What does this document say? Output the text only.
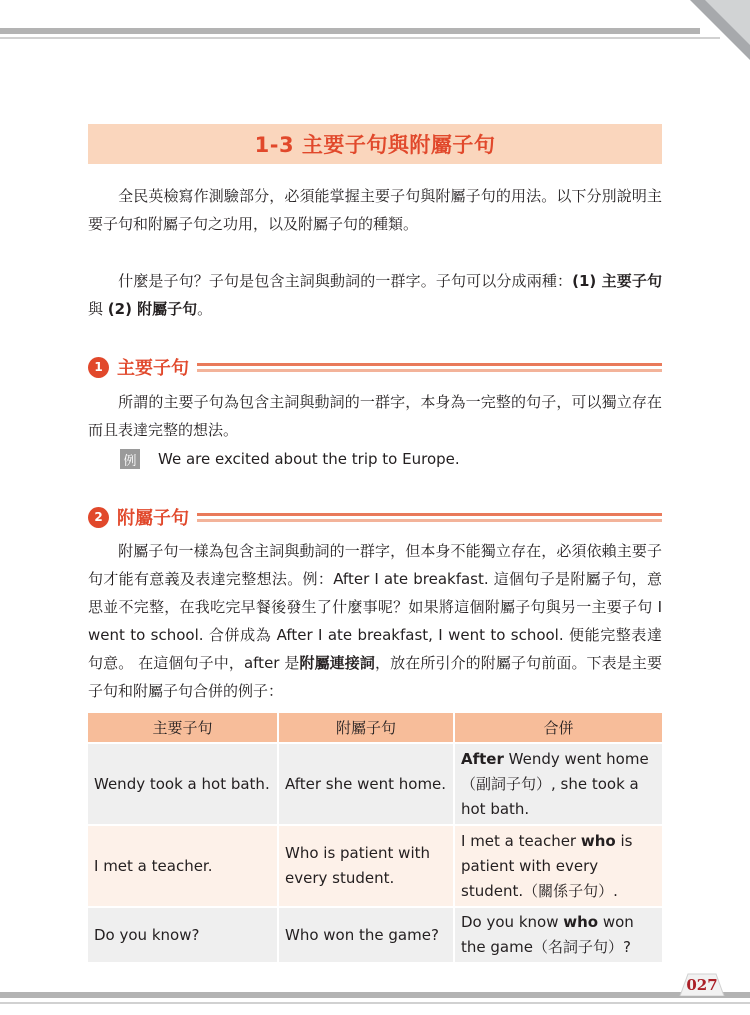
1-3 主要子句與附屬子句

全民英檢寫作測驗部分，必須能掌握主要子句與附屬子句的用法。以下分別說明主要子句和附屬子句之功用，以及附屬子句的種類。

什麼是子句？子句是包含主詞與動詞的一群字。子句可以分成兩種：(1) 主要子句 與 (2) 附屬子句。

1 主要子句

所謂的主要子句為包含主詞與動詞的一群字，本身為一完整的句子，可以獨立存在而且表達完整的想法。

例 We are excited about the trip to Europe.
2 附屬子句

附屬子句一樣為包含主詞與動詞的一群字，但本身不能獨立存在，必須依賴主要子句才能有意義及表達完整想法。例：After I ate breakfast. 這個句子是附屬子句，意思並不完整，在我吃完早餐後發生了什麼事呢？如果將這個附屬子句與另一主要子句 I went to school. 合併成為 After I ate breakfast, I went to school. 便能完整表達句意。 在這個句子中，after 是附屬連接詞，放在所引介的附屬子句前面。下表是主要子句和附屬子句合併的例子：

主要子句	附屬子句	合併
Wendy took a hot bath.	After she went home.	After Wendy went home（副詞子句）, she took a hot bath.
I met a teacher.	Who is patient with every student.	I met a teacher who is patient with every student.（關係子句）.
Do you know?	Who won the game?	Do you know who won the game（名詞子句）?
027
